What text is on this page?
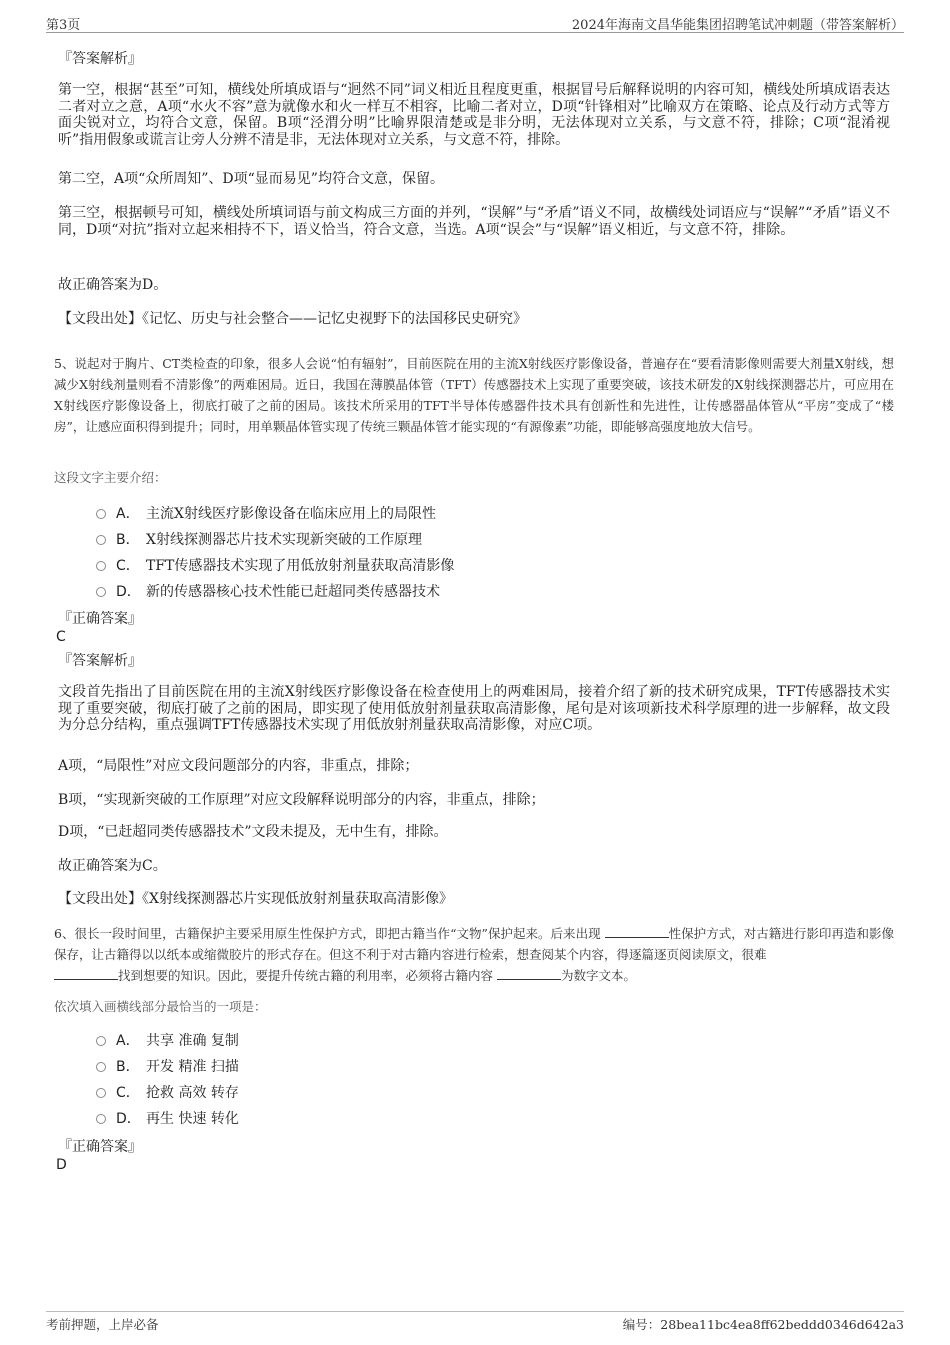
第3页	2024年海南文昌华能集团招聘笔试冲刺题（带答案解析）
『答案解析』

第一空，根据“甚至”可知，横线处所填成语与“迥然不同”词义相近且程度更重，根据冒号后解释说明的内容可知，横线处所填成语表达二者对立之意，A项“水火不容”意为就像水和火一样互不相容，比喻二者对立，D项“针锋相对”比喻双方在策略、论点及行动方式等方面尖锐对立，均符合文意，保留。B项“泾渭分明”比喻界限清楚或是非分明，无法体现对立关系，与文意不符，排除；C项“混淆视听”指用假象或谎言让旁人分辨不清是非，无法体现对立关系，与文意不符，排除。

第二空，A项“众所周知”、D项“显而易见”均符合文意，保留。

第三空，根据顿号可知，横线处所填词语与前文构成三方面的并列，“误解”与“矛盾”语义不同，故横线处词语应与“误解”“矛盾”语义不同，D项“对抗”指对立起来相持不下，语义恰当，符合文意，当选。A项“误会”与“误解”语义相近，与文意不符，排除。

故正确答案为D。
【文段出处】《记忆、历史与社会整合——记忆史视野下的法国移民史研究》

5、说起对于胸片、CT类检查的印象，很多人会说“怕有辐射”，目前医院在用的主流X射线医疗影像设备，普遍存在“要看清影像则需要大剂量X射线，想减少X射线剂量则看不清影像”的两难困局。近日，我国在薄膜晶体管（TFT）传感器技术上实现了重要突破，该技术研发的X射线探测器芯片，可应用在X射线医疗影像设备上，彻底打破了之前的困局。该技术所采用的TFT半导体传感器件技术具有创新性和先进性，让传感器晶体管从“平房”变成了“楼房”，让感应面积得到提升；同时，用单颗晶体管实现了传统三颗晶体管才能实现的“有源像素”功能，即能够高强度地放大信号。

这段文字主要介绍：
A． 主流X射线医疗影像设备在临床应用上的局限性
B． X射线探测器芯片技术实现新突破的工作原理
C． TFT传感器技术实现了用低放射剂量获取高清影像
D． 新的传感器核心技术性能已赶超同类传感器技术
『正确答案』
C
『答案解析』

文段首先指出了目前医院在用的主流X射线医疗影像设备在检查使用上的两难困局，接着介绍了新的技术研究成果，TFT传感器技术实现了重要突破，彻底打破了之前的困局，即实现了使用低放射剂量获取高清影像，尾句是对该项新技术科学原理的进一步解释，故文段为分总分结构，重点强调TFT传感器技术实现了用低放射剂量获取高清影像，对应C项。

A项，“局限性”对应文段问题部分的内容，非重点，排除；
B项，“实现新突破的工作原理”对应文段解释说明部分的内容，非重点，排除；
D项，“已赶超同类传感器技术”文段未提及，无中生有，排除。
故正确答案为C。
【文段出处】《X射线探测器芯片实现低放射剂量获取高清影像》

6、很长一段时间里，古籍保护主要采用原生性保护方式，即把古籍当作“文物”保护起来。后来出现	性保护方式，对古籍进行影印再造和影像保存，让古籍得以以纸本或缩微胶片的形式存在。但这不利于对古籍内容进行检索，想查阅某个内容，得逐篇逐页阅读原文，很难
找到想要的知识。因此，要提升传统古籍的利用率，必须将古籍内容	为数字文本。

依次填入画横线部分最恰当的一项是：
A． 共享 准确 复制
B． 开发 精准 扫描
C． 抢救 高效 转存
D． 再生 快速 转化
『正确答案』
D
考前押题，上岸必备	编号：28bea11bc4ea8ff62beddd0346d642a3
